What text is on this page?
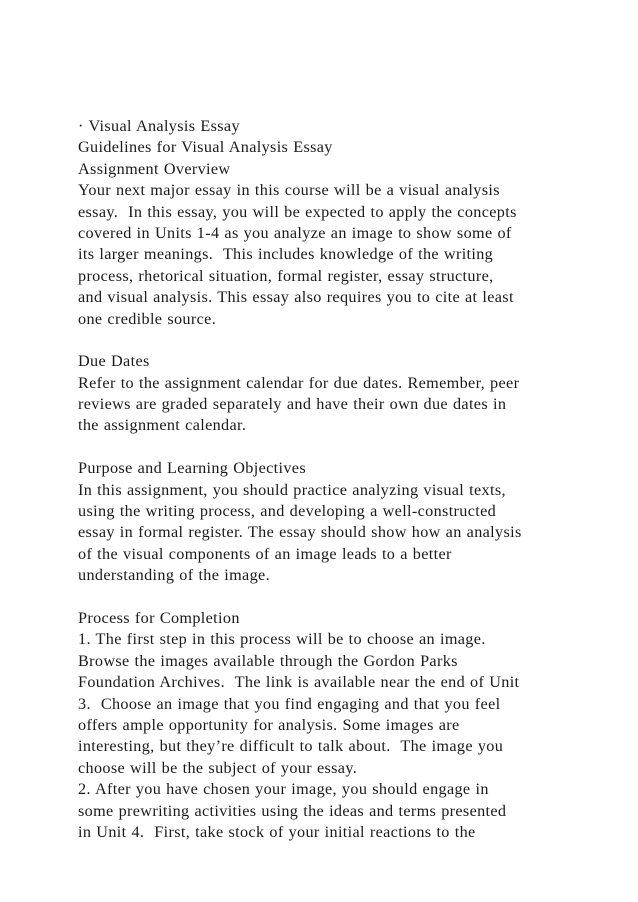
· Visual Analysis Essay
Guidelines for Visual Analysis Essay
Assignment Overview
Your next major essay in this course will be a visual analysis
essay.  In this essay, you will be expected to apply the concepts
covered in Units 1-4 as you analyze an image to show some of
its larger meanings.  This includes knowledge of the writing
process, rhetorical situation, formal register, essay structure,
and visual analysis. This essay also requires you to cite at least
one credible source.
Due Dates
Refer to the assignment calendar for due dates. Remember, peer
reviews are graded separately and have their own due dates in
the assignment calendar.
Purpose and Learning Objectives
In this assignment, you should practice analyzing visual texts,
using the writing process, and developing a well-constructed
essay in formal register. The essay should show how an analysis
of the visual components of an image leads to a better
understanding of the image.
Process for Completion
1. The first step in this process will be to choose an image.
Browse the images available through the Gordon Parks
Foundation Archives.  The link is available near the end of Unit
3.  Choose an image that you find engaging and that you feel
offers ample opportunity for analysis. Some images are
interesting, but they’re difficult to talk about.  The image you
choose will be the subject of your essay.
2. After you have chosen your image, you should engage in
some prewriting activities using the ideas and terms presented
in Unit 4.  First, take stock of your initial reactions to the
